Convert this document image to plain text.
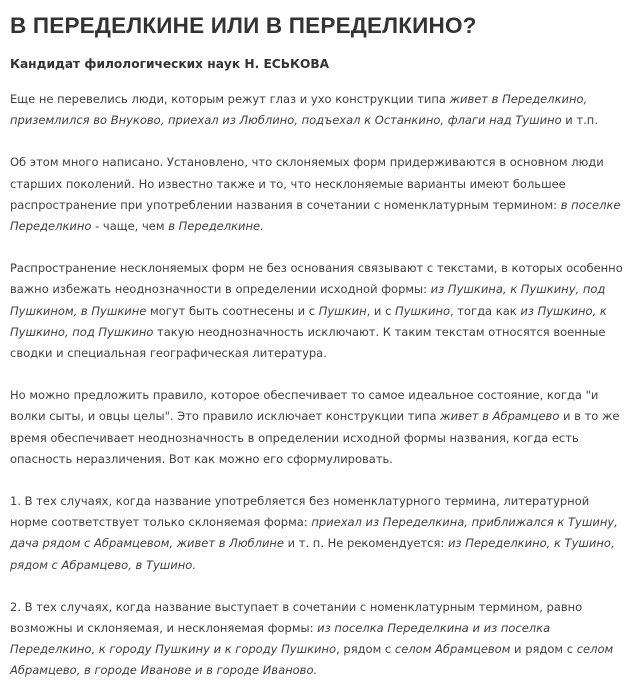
В ПЕРЕДЕЛКИНЕ ИЛИ В ПЕРЕДЕЛКИНО?
Кандидат филологических наук Н. ЕСЬКОВА

Еще не перевелись люди, которым режут глаз и ухо конструкции типа живет в Переделкино, приземлился во Внуково, приехал из Люблино, подъехал к Останкино, флаги над Тушино и т.п.

Об этом много написано. Установлено, что склоняемых форм придерживаются в основном люди старших поколений. Но известно также и то, что несклоняемые варианты имеют большее распространение при употреблении названия в сочетании с номенклатурным термином: в поселке Переделкино - чаще, чем в Переделкине.

Распространение несклоняемых форм не без основания связывают с текстами, в которых особенно важно избежать неоднозначности в определении исходной формы: из Пушкина, к Пушкину, под Пушкином, в Пушкине могут быть соотнесены и с Пушкин, и с Пушкино, тогда как из Пушкино, к Пушкино, под Пушкино такую неоднозначность исключают. К таким текстам относятся военные сводки и специальная географическая литература.

Но можно предложить правило, которое обеспечивает то самое идеальное состояние, когда "и волки сыты, и овцы целы". Это правило исключает конструкции типа живет в Абрамцево и в то же время обеспечивает неоднозначность в определении исходной формы названия, когда есть опасность неразличения. Вот как можно его сформулировать.

1. В тех случаях, когда название употребляется без номенклатурного термина, литературной норме соответствует только склоняемая форма: приехал из Переделкина, приближался к Тушину, дача рядом с Абрамцевом, живет в Люблине и т. п. Не рекомендуется: из Переделкино, к Тушино, рядом с Абрамцево, в Тушино.

2. В тех случаях, когда название выступает в сочетании с номенклатурным термином, равно возможны и склоняемая, и несклоняемая формы: из поселка Переделкина и из поселка Переделкино, к городу Пушкину и к городу Пушкино, рядом с селом Абрамцевом и рядом с селом Абрамцево, в городе Иванове и в городе Иваново.
